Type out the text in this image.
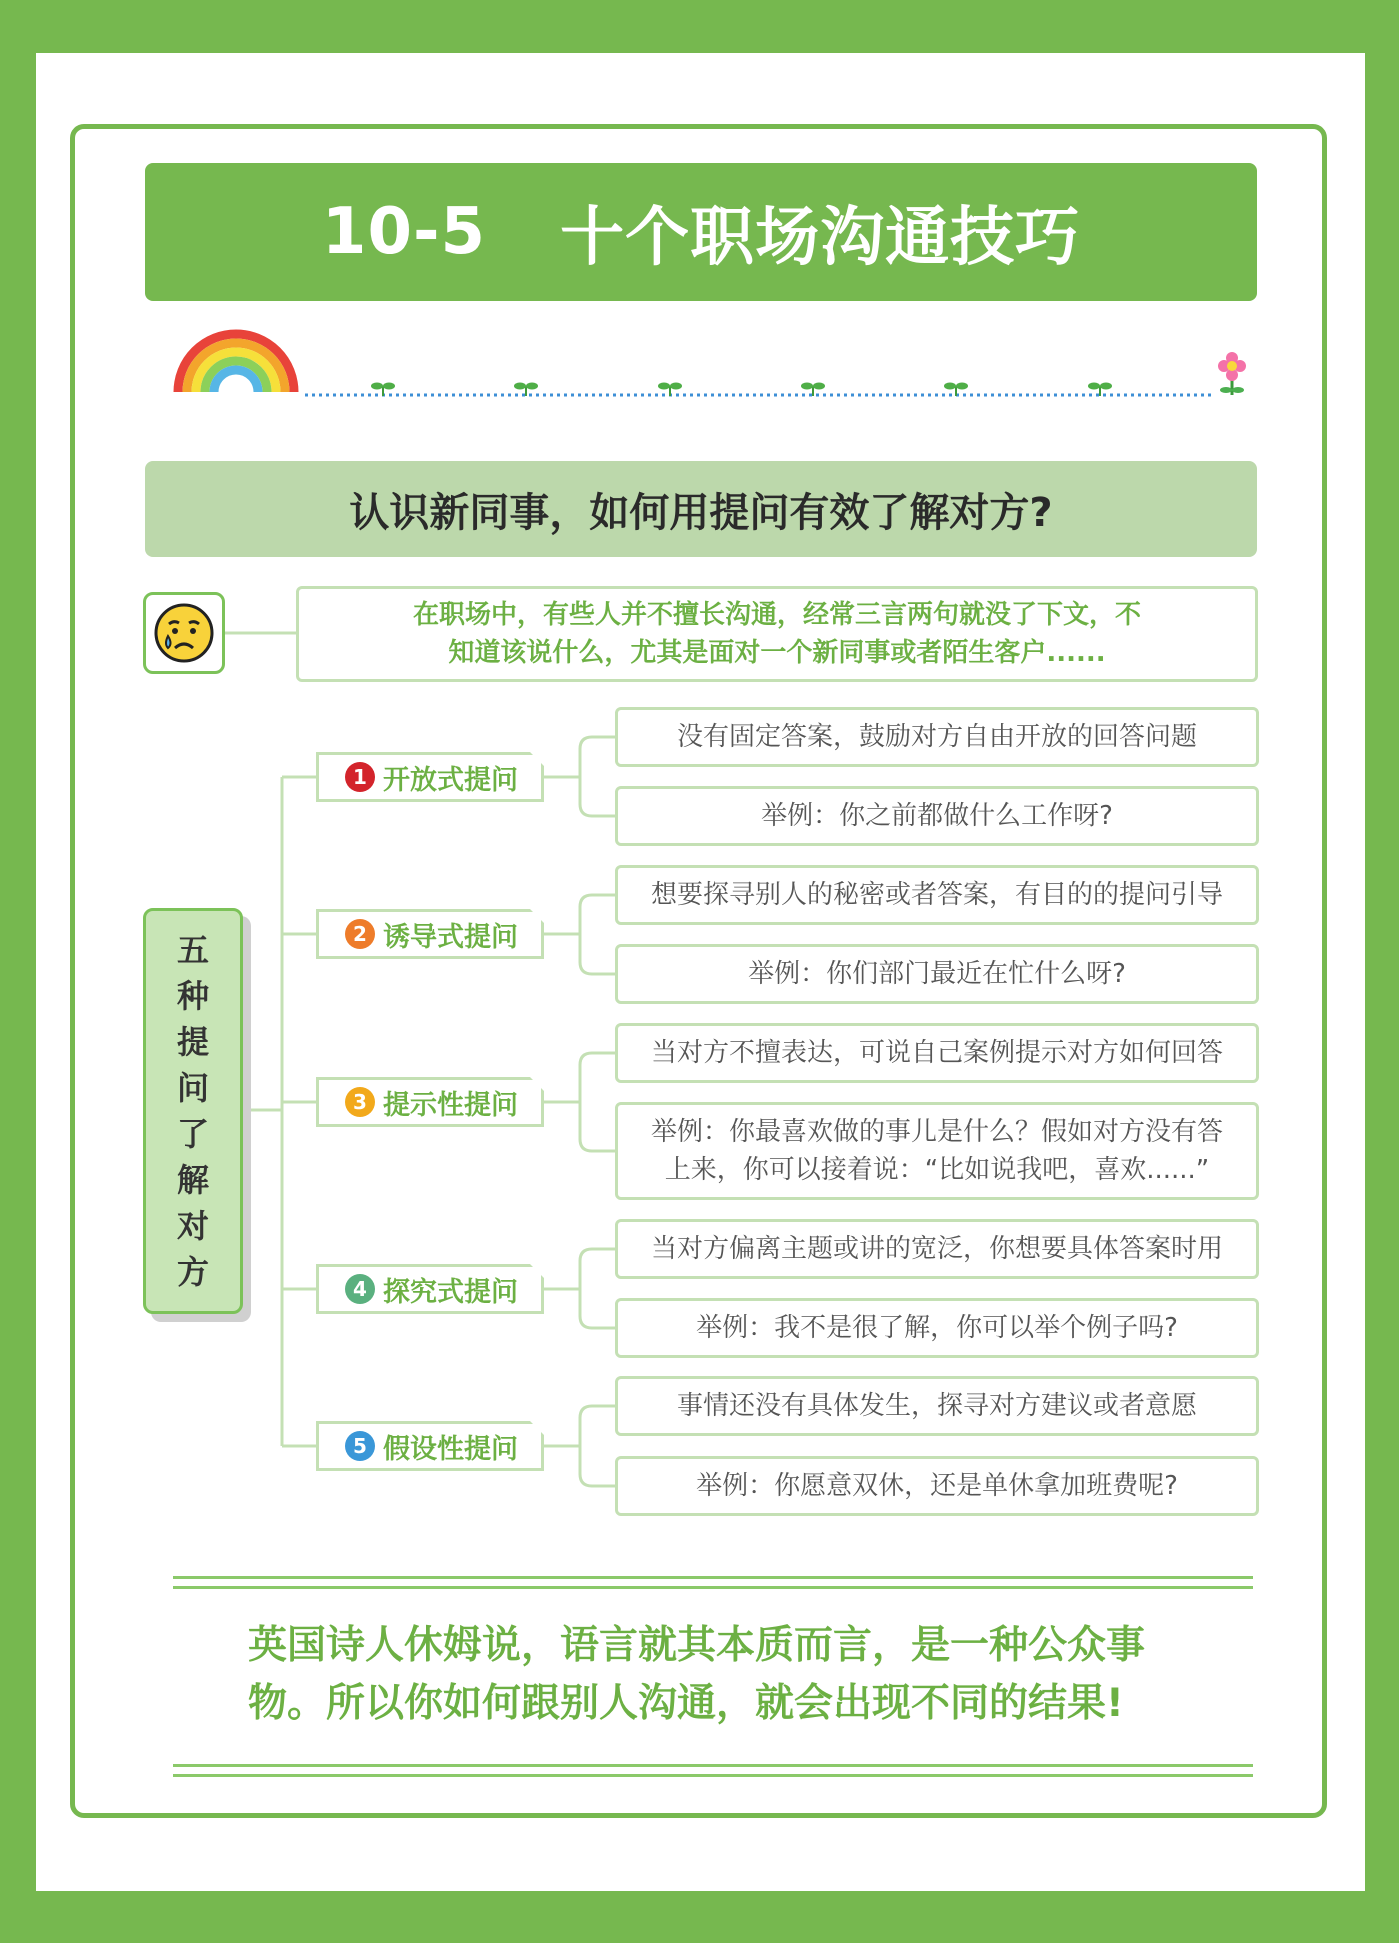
10-5 十个职场沟通技巧
认识新同事，如何用提问有效了解对方?
在职场中，有些人并不擅长沟通，经常三言两句就没了下文，不
知道该说什么，尤其是面对一个新同事或者陌生客户......
五
种
提
问
了
解
对
方
1 开放式提问
没有固定答案，鼓励对方自由开放的回答问题
举例：你之前都做什么工作呀?
2 诱导式提问
想要探寻别人的秘密或者答案，有目的的提问引导
举例：你们部门最近在忙什么呀?
3 提示性提问
当对方不擅表达，可说自己案例提示对方如何回答
举例：你最喜欢做的事儿是什么？假如对方没有答
上来，你可以接着说：“比如说我吧，喜欢......”
4 探究式提问
当对方偏离主题或讲的宽泛，你想要具体答案时用
举例：我不是很了解，你可以举个例子吗?
5 假设性提问
事情还没有具体发生，探寻对方建议或者意愿
举例：你愿意双休，还是单休拿加班费呢?
英国诗人休姆说，语言就其本质而言，是一种公众事
物。所以你如何跟别人沟通，就会出现不同的结果!
